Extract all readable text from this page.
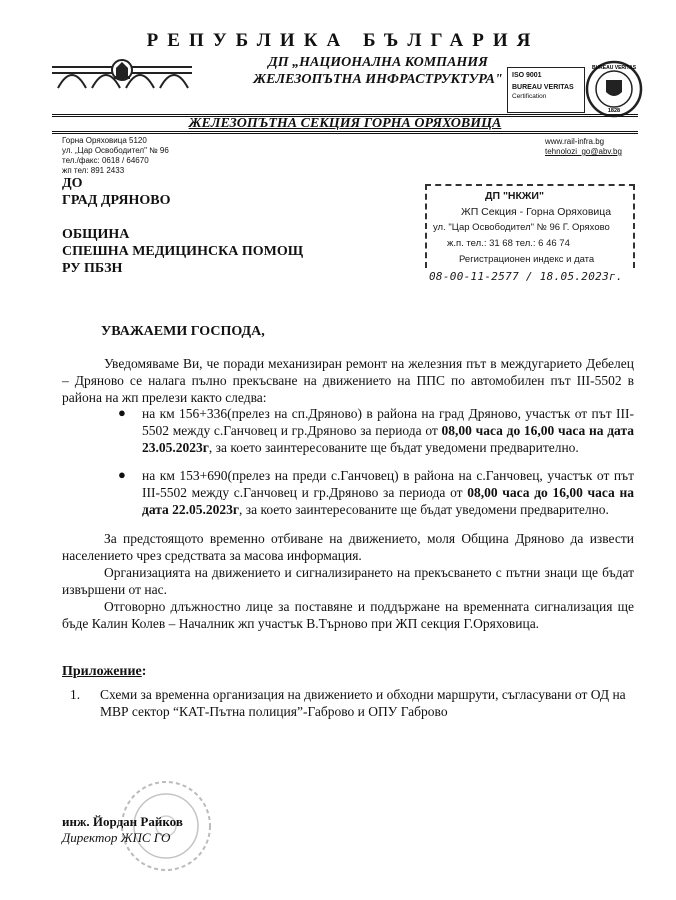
РЕПУБЛИКА БЪЛГАРИЯ
ДП „НАЦИОНАЛНА КОМПАНИЯ
ЖЕЛЕЗОПЪТНА ИНФРАСТРУКТУРА"	ISO 9001
BUREAU VERITAS
Certification
BUREAU VERITAS
1828
ЖЕЛЕЗОПЪТНА СЕКЦИЯ ГОРНА ОРЯХОВИЦА
Горна Оряховица 5120
ул. „Цар Освободител" № 96
тел./факс: 0618 / 64670
жп тел: 891 2433
www.rail-infra.bg
tehnolozi_go@abv.bg
ДО
ГРАД ДРЯНОВО
ОБЩИНА
СПЕШНА МЕДИЦИНСКА ПОМОЩ
РУ ПБЗН
ДП "НКЖИ"
ЖП Секция - Горна Оряховица
ул. "Цар Освободител" № 96 Г. Оряхово
ж.п. тел.: 31 68 тел.: 6 46 74
Регистрационен индекс и дата
08-00-11-2577 / 18.05.2023г.
УВАЖАЕМИ ГОСПОДА,
Уведомяваме Ви, че поради механизиран ремонт на железния път в междугарието Дебелец – Дряново се налага пълно прекъсване на движението на ППС по автомобилен път III-5502 в района на жп прелези както следва:
● на км 156+336(прелез на сп.Дряново) в района на град Дряново, участък от път III-5502 между с.Ганчовец и гр.Дряново за периода от 08,00 часа до 16,00 часа на дата 23.05.2023г, за което заинтересованите ще бъдат уведомени предварително.
● на км 153+690(прелез на преди с.Ганчовец) в района на с.Ганчовец, участък от път III-5502 между с.Ганчовец и гр.Дряново за периода от 08,00 часа до 16,00 часа на дата 22.05.2023г, за което заинтересованите ще бъдат уведомени предварително.
За предстоящото временно отбиване на движението, моля Община Дряново да извести населението чрез средствата за масова информация.
Организацията на движението и сигнализирането на прекъсването с пътни знаци ще бъдат извършени от нас.
Отговорно длъжностно лице за поставяне и поддържане на временната сигнализация ще бъде Калин Колев – Началник жп участък В.Търново при ЖП секция Г.Оряховица.
Приложение:
1. Схеми за временна организация на движението и обходни маршрути, съгласувани от ОД на МВР сектор “КАТ-Пътна полиция”-Габрово и ОПУ Габрово
инж. Йордан Райков
Директор ЖПС ГО
